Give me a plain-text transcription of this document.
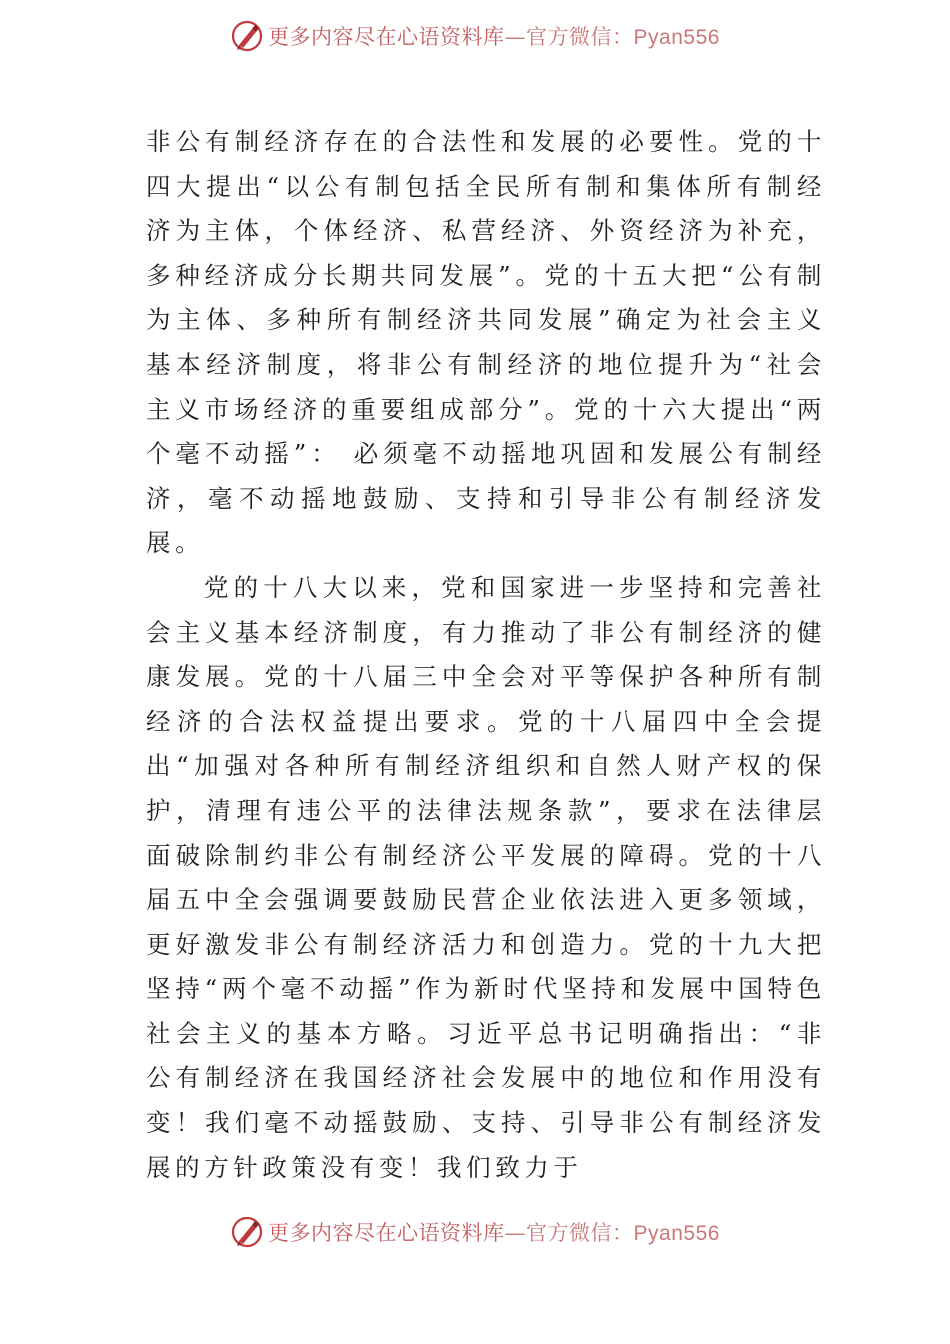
更多内容尽在心语资料库—官方微信：Pyan556

非公有制经济存在的合法性和发展的必要性。党的十四大提出“以公有制包括全民所有制和集体所有制经济为主体，个体经济、私营经济、外资经济为补充，多种经济成分长期共同发展”。党的十五大把“公有制为主体、多种所有制经济共同发展”确定为社会主义基本经济制度，将非公有制经济的地位提升为“社会主义市场经济的重要组成部分”。党的十六大提出“两个毫不动摇”： 必须毫不动摇地巩固和发展公有制经济，毫不动摇地鼓励、支持和引导非公有制经济发展。

党的十八大以来，党和国家进一步坚持和完善社会主义基本经济制度，有力推动了非公有制经济的健康发展。党的十八届三中全会对平等保护各种所有制经济的合法权益提出要求。党的十八届四中全会提出“加强对各种所有制经济组织和自然人财产权的保护，清理有违公平的法律法规条款”，要求在法律层面破除制约非公有制经济公平发展的障碍。党的十八届五中全会强调要鼓励民营企业依法进入更多领域，更好激发非公有制经济活力和创造力。党的十九大把坚持“两个毫不动摇”作为新时代坚持和发展中国特色社会主义的基本方略。习近平总书记明确指出：“非公有制经济在我国经济社会发展中的地位和作用没有变！我们毫不动摇鼓励、支持、引导非公有制经济发展的方针政策没有变！我们致力于

更多内容尽在心语资料库—官方微信：Pyan556
